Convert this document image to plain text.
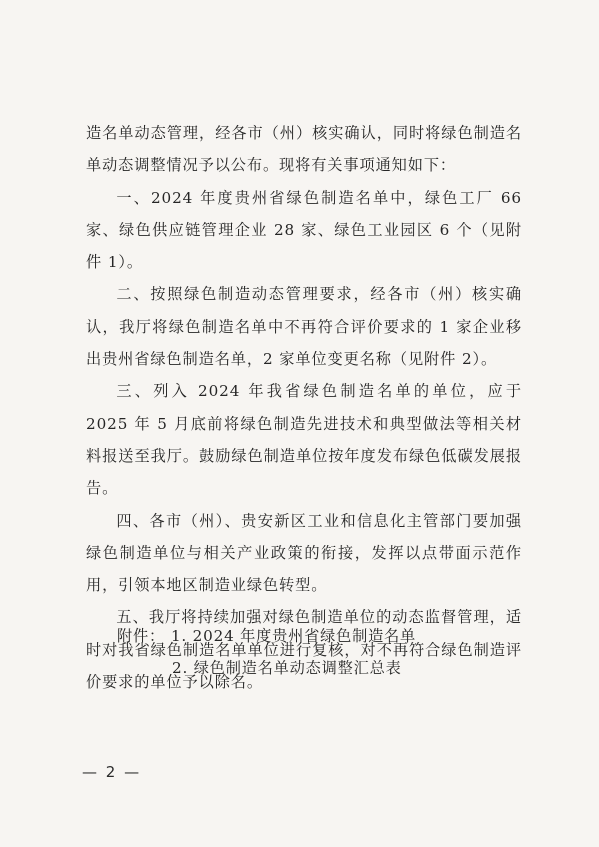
造名单动态管理，经各市（州）核实确认，同时将绿色制造名单动态调整情况予以公布。现将有关事项通知如下：

一、2024 年度贵州省绿色制造名单中，绿色工厂 66 家、绿色供应链管理企业 28 家、绿色工业园区 6 个（见附件 1）。

二、按照绿色制造动态管理要求，经各市（州）核实确认，我厅将绿色制造名单中不再符合评价要求的 1 家企业移出贵州省绿色制造名单，2 家单位变更名称（见附件 2）。

三、列入 2024 年我省绿色制造名单的单位，应于 2025 年 5 月底前将绿色制造先进技术和典型做法等相关材料报送至我厅。鼓励绿色制造单位按年度发布绿色低碳发展报告。

四、各市（州）、贵安新区工业和信息化主管部门要加强绿色制造单位与相关产业政策的衔接，发挥以点带面示范作用，引领本地区制造业绿色转型。

五、我厅将持续加强对绿色制造单位的动态监督管理，适时对我省绿色制造名单单位进行复核，对不再符合绿色制造评价要求的单位予以除名。

附件： 1. 2024 年度贵州省绿色制造名单

2. 绿色制造名单动态调整汇总表

— 2 —
